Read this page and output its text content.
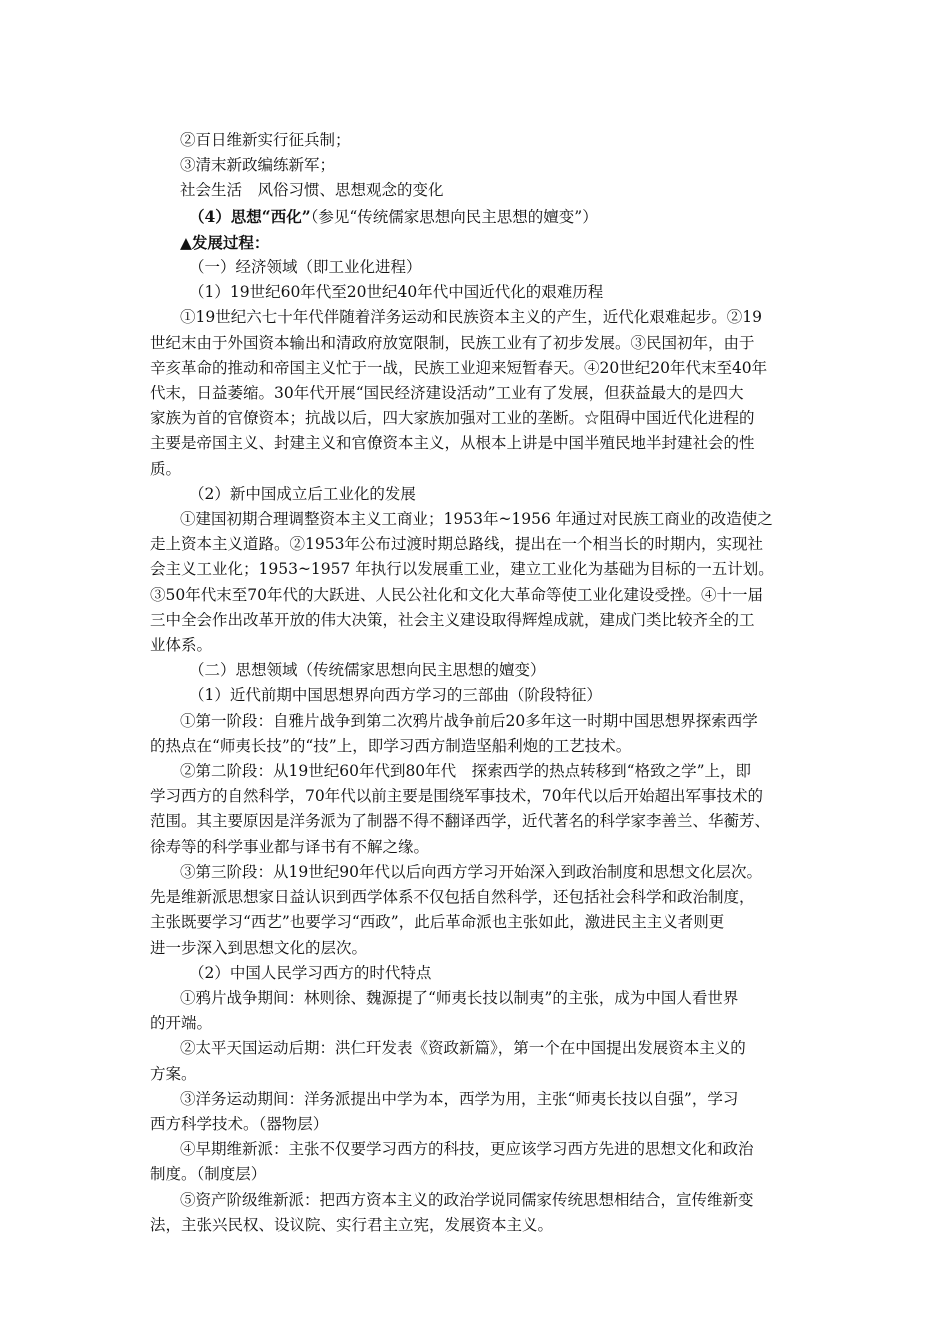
②百日维新实行征兵制；
③清末新政编练新军；
社会生活　风俗习惯、思想观念的变化
（4）思想“西化”（参见“传统儒家思想向民主思想的嬗变”）
▲发展过程：
（一）经济领域（即工业化进程）
（1）19世纪60年代至20世纪40年代中国近代化的艰难历程
①19世纪六七十年代伴随着洋务运动和民族资本主义的产生，近代化艰难起步。②19
世纪末由于外国资本输出和清政府放宽限制，民族工业有了初步发展。③民国初年，由于
辛亥革命的推动和帝国主义忙于一战，民族工业迎来短暂春天。④20世纪20年代末至40年
代末，日益萎缩。30年代开展“国民经济建设活动”工业有了发展，但获益最大的是四大
家族为首的官僚资本；抗战以后，四大家族加强对工业的垄断。☆阻碍中国近代化进程的
主要是帝国主义、封建主义和官僚资本主义，从根本上讲是中国半殖民地半封建社会的性
质。
（2）新中国成立后工业化的发展
①建国初期合理调整资本主义工商业；1953年~1956 年通过对民族工商业的改造使之
走上资本主义道路。②1953年公布过渡时期总路线，提出在一个相当长的时期内，实现社
会主义工业化；1953~1957 年执行以发展重工业，建立工业化为基础为目标的一五计划。
③50年代末至70年代的大跃进、人民公社化和文化大革命等使工业化建设受挫。④十一届
三中全会作出改革开放的伟大决策，社会主义建设取得辉煌成就，建成门类比较齐全的工
业体系。
（二）思想领域（传统儒家思想向民主思想的嬗变）
（1）近代前期中国思想界向西方学习的三部曲（阶段特征）
①第一阶段：自雅片战争到第二次鸦片战争前后20多年这一时期中国思想界探索西学
的热点在“师夷长技”的“技”上，即学习西方制造坚船利炮的工艺技术。
②第二阶段：从19世纪60年代到80年代　探索西学的热点转移到“格致之学”上，即
学习西方的自然科学，70年代以前主要是围绕军事技术，70年代以后开始超出军事技术的
范围。其主要原因是洋务派为了制器不得不翻译西学，近代著名的科学家李善兰、华蘅芳、
徐寿等的科学事业都与译书有不解之缘。
③第三阶段：从19世纪90年代以后向西方学习开始深入到政治制度和思想文化层次。
先是维新派思想家日益认识到西学体系不仅包括自然科学，还包括社会科学和政治制度，
主张既要学习“西艺”也要学习“西政”，此后革命派也主张如此，激进民主主义者则更
进一步深入到思想文化的层次。
（2）中国人民学习西方的时代特点
①鸦片战争期间：林则徐、魏源提了“师夷长技以制夷”的主张，成为中国人看世界
的开端。
②太平天国运动后期：洪仁玕发表《资政新篇》，第一个在中国提出发展资本主义的
方案。
③洋务运动期间：洋务派提出中学为本，西学为用，主张“师夷长技以自强”，学习
西方科学技术。（器物层）
④早期维新派：主张不仅要学习西方的科技，更应该学习西方先进的思想文化和政治
制度。（制度层）
⑤资产阶级维新派：把西方资本主义的政治学说同儒家传统思想相结合，宣传维新变
法，主张兴民权、设议院、实行君主立宪，发展资本主义。
